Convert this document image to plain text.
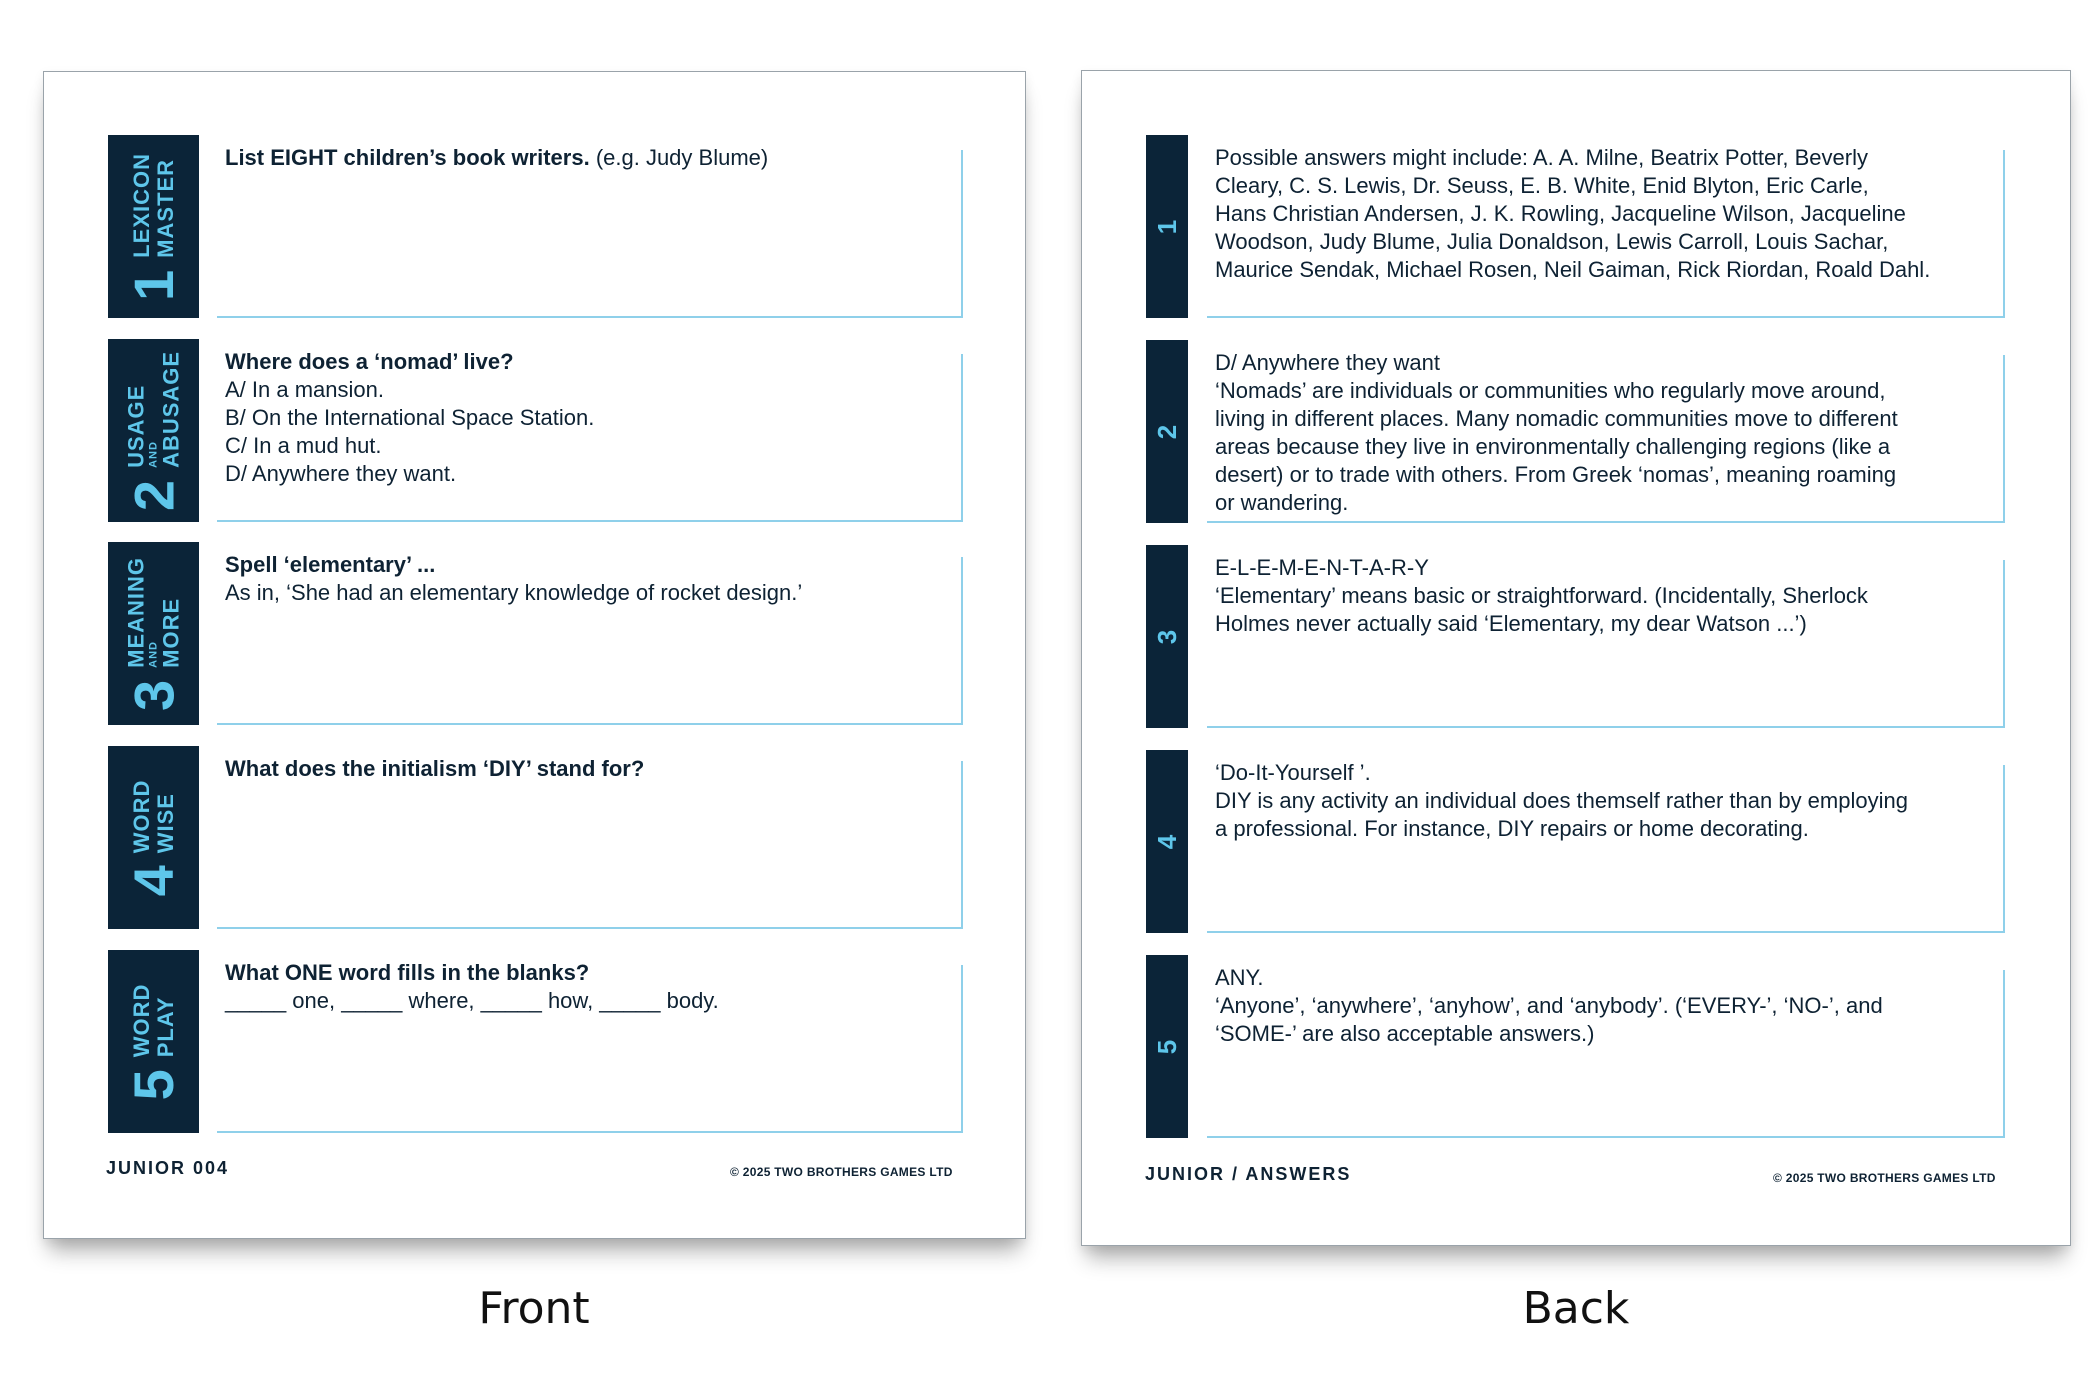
1
LEXICON MASTER
List EIGHT children’s book writers. (e.g. Judy Blume)
2
USAGE AND ABUSAGE Where does a ‘nomad’ live?
A/ In a mansion.
B/ On the International Space Station.
C/ In a mud hut.
D/ Anywhere they want.
3
MEANING AND MORE
Spell ‘elementary’ ...
As in, ‘She had an elementary knowledge of rocket design.’
4
WORD WISE
What does the initialism ‘DIY’ stand for?
5
WORD PLAY
What ONE word fills in the blanks?
_____ one, _____ where, _____ how, _____ body.
JUNIOR 004	© 2025 TWO BROTHERS GAMES LTD
1
Possible answers might include: A. A. Milne, Beatrix Potter, Beverly
Cleary, C. S. Lewis, Dr. Seuss, E. B. White, Enid Blyton, Eric Carle,
Hans Christian Andersen, J. K. Rowling, Jacqueline Wilson, Jacqueline
Woodson, Judy Blume, Julia Donaldson, Lewis Carroll, Louis Sachar,
Maurice Sendak, Michael Rosen, Neil Gaiman, Rick Riordan, Roald Dahl.
2
D/ Anywhere they want
‘Nomads’ are individuals or communities who regularly move around,
living in different places. Many nomadic communities move to different
areas because they live in environmentally challenging regions (like a
desert) or to trade with others. From Greek ‘nomas’, meaning roaming
or wandering.
3
E-L-E-M-E-N-T-A-R-Y
‘Elementary’ means basic or straightforward. (Incidentally, Sherlock
Holmes never actually said ‘Elementary, my dear Watson ...’)
4
‘Do-It-Yourself ’.
DIY is any activity an individual does themself rather than by employing
a professional. For instance, DIY repairs or home decorating.
5
ANY.
‘Anyone’, ‘anywhere’, ‘anyhow’, and ‘anybody’. (‘EVERY-’, ‘NO-’, and
‘SOME-’ are also acceptable answers.)
JUNIOR / ANSWERS	© 2025 TWO BROTHERS GAMES LTD
Front	Back
